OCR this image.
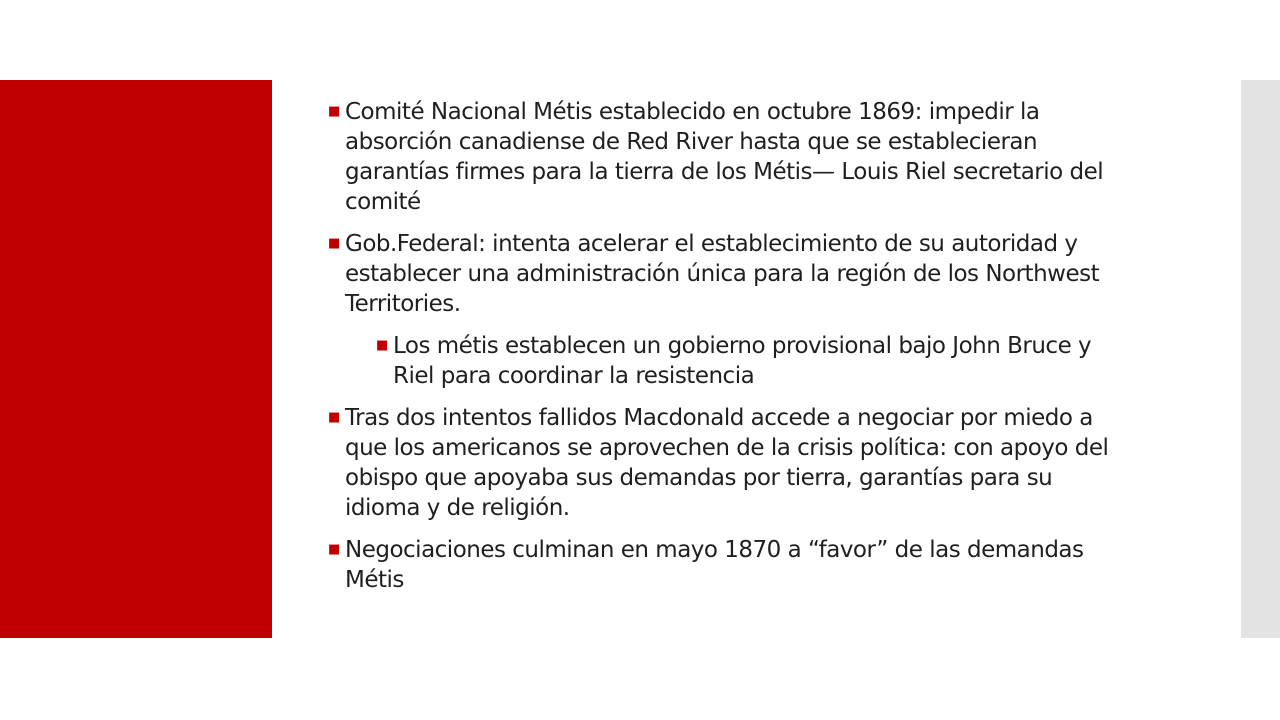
■ Comité Nacional Métis establecido en octubre 1869: impedir la absorción canadiense de Red River hasta que se establecieran garantías firmes para la tierra de los Métis— Louis Riel secretario del comité
■ Gob.Federal: intenta acelerar el establecimiento de su autoridad y establecer una administración única para la región de los Northwest Territories.
■ Los métis establecen un gobierno provisional bajo John Bruce y Riel para coordinar la resistencia
■ Tras dos intentos fallidos Macdonald accede a negociar por miedo a que los americanos se aprovechen de la crisis política: con apoyo del obispo que apoyaba sus demandas por tierra, garantías para su idioma y de religión.
■ Negociaciones culminan en mayo 1870 a “favor” de las demandas Métis
